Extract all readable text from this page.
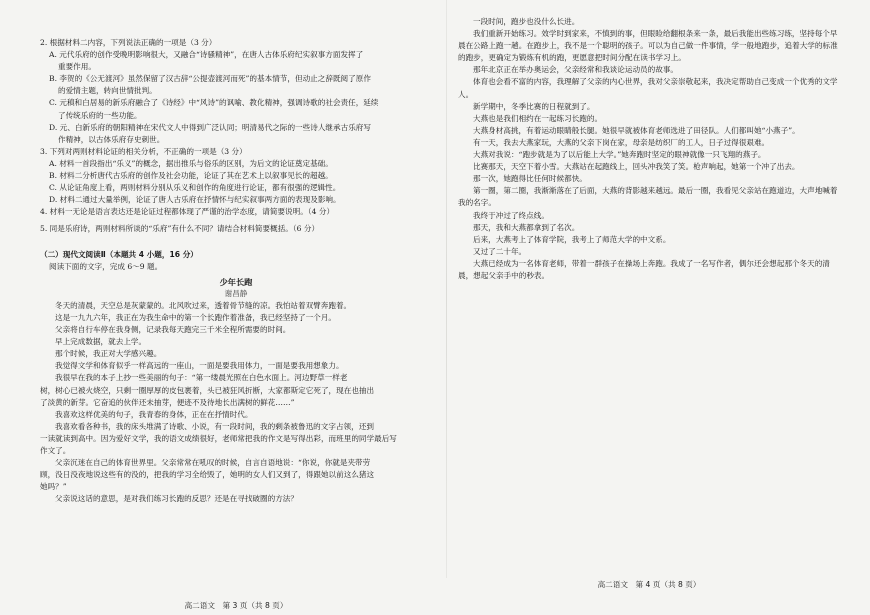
2. 根据材料二内容，下列说法正确的一项是（3 分）

A. 元代乐府的创作受晚明影响很大，又融合“诗骚精神”，在唐人古体乐府纪实叙事方面发挥了

重要作用。

B. 李贺的《公无渡河》虽然保留了汉古辞“公提壶渡河而死”的基本情节，但动止之辞既阅了原作

的爱情主题，转向世情批判。

C. 元稹和白居易的新乐府融合了《诗经》中“风诗”的讽喻、教化精神，强调诗歌的社会责任，延续

了传统乐府的一些功能。

D. 元、白新乐府的朝阳精神在宋代文人中得到广泛认同；明清易代之际的一些诗人继承古乐府写

作精神，以古体乐府存史刺世。

3. 下列对两则材料论证的相关分析，不正确的一项是（3 分）

A. 材料一首段指出“乐义”的概念，据出推乐与俗乐的区别，为后文的论证奠定基础。

B. 材料二分析唐代古乐府的创作及社会功能，论证了其在艺术上以叙事见长的超越。

C. 从论证角度上看，两则材料分别从乐义和创作的角度进行论证，都有很强的逻辑性。

D. 材料二通过大量举例，论证了唐人古乐府在抒情怀与纪实叙事两方面的表现及影响。

4. 材料一无论是语言表达还是论证过程都体现了严谨的治学态度，请简要说明。（4 分）

5. 同是乐府诗，两则材料所谈的“乐府”有什么不同？请结合材料简要概括。（6 分）

（二）现代文阅读Ⅱ（本题共 4 小题，16 分）

阅读下面的文字，完成 6～9 题。

少年长跑

谢昌静

冬天的清晨，天空总是灰蒙蒙的。北风吹过来，透着骨节缝的凉。我怕站着双臂奔跑着。

这是一九九六年，我正在为我生命中的第一个长跑作着准备，我已经坚持了一个月。

父亲将自行车停在我身侧，记录我每天跑完三千米全程所需要的时间。

早上完成数据，就去上学。

那个时候，我正对大学感兴趣。

我觉得文学和体育似乎一样高远的一座山，一面是要我用体力，一面是要我用想象力。

我很早在我的本子上抄一些美丽的句子：“第一缕晨光照在白色水面上。河边野草一样老

树，树心已被火烧空，只剩一圈厚厚的皮包裹着，头已被狂风折断，大家都斯定它死了，现在也抽出

了淡黄的新芽。它奋追的伙伴还未抽芽，便迹不及待地长出满树的鲜花……”

我喜欢这样优美的句子，我青春的身体，正在在抒情时代。

我喜欢看各种书，我的床头堆满了诗歌、小说，有一段时间，我的剩条被鲁迅的文字占领，还到

一读就读到高中。因为爱好文学，我的语文成绩很好，老师常把我的作文是写得出彩，而班里的同学最后写

作文了。

父亲沉迷在自己的体育世界里。父亲常常在吼叹的时候，自言自语地说：“你说，你就是夹带劳

顾，没日没夜地说这些有的没的，把我的学习全给毁了，她明的女人们又到了，得跟她以前这么猪这

她吗？”

父亲说这话的意思，是对我们练习长跑的反思？还是在寻找破圈的方法？

高二语文　第 3 页（共 8 页）

一段时间，跑步也没什么长进。

我们重新开始练习。效学时到家来，不慎到的事，但眼睑给翻根条来一条，最后我能出些练习练，坚持每个早晨在公路上跑一趟。在跑步上，我不是一个聪明的孩子。可以为自己做一件事情，学一般地跑步，追着大学的标准的跑步，更确定为锻炼有机的跑，更愿意把时间分配在读书学习上。

那年北京正在举办奥运会，父亲经常和我谈论运动员的故事。

体育也会看不富的内容，我理解了父亲的内心世界，我对父亲崇敬起来，我决定帮助自己变成一个优秀的文学人。

新学期中，冬季比赛的日程就到了。

大燕也是我们相约在一起练习长跑的。

大燕身材高挑，有着运动眼睛般长腿。她很早就被体育老师选进了田径队。人们都叫她“小燕子”。

有一天，我去大燕家玩，大燕的父亲下岗在家，母亲是纺织厂的工人，日子过得很艰难。

大燕对我说：“跑步就是为了以后能上大学。”她奔跑时坚定的眼神就像一只飞翔的燕子。

比赛那天，天空下着小雪。大燕站在起跑线上，回头冲我笑了笑。枪声响起，她第一个冲了出去。

那一次，她跑得比任何时候都快。

第一圈，第二圈，我渐渐落在了后面，大燕的背影越来越远。最后一圈，我看见父亲站在跑道边，大声地喊着我的名字。

我终于冲过了终点线。

那天，我和大燕都拿到了名次。

后来，大燕考上了体育学院，我考上了师范大学的中文系。

又过了二十年。

大燕已经成为一名体育老师，带着一群孩子在操场上奔跑。我成了一名写作者，偶尔还会想起那个冬天的清晨，想起父亲手中的秒表。

高二语文　第 4 页（共 8 页）
